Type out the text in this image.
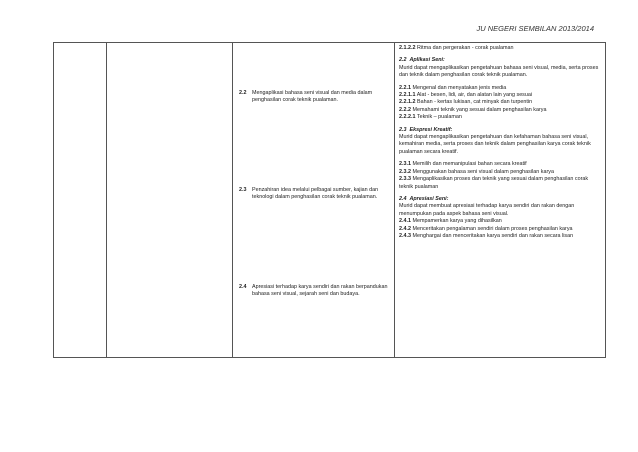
JU NEGERI SEMBILAN 2013/2014

2.2	Mengaplikasi bahasa seni visual dan media dalam penghasilan corak teknik pualaman.
2.3	Penzahiran idea melalui pelbagai sumber, kajian dan teknologi dalam penghasilan corak teknik pualaman.
2.4	Apresiasi terhadap karya sendiri dan rakan berpandukan bahasa seni visual, sejarah seni dan budaya.

2.1.2.2 Ritma dan pergerakan - corak pualaman

2.2 Aplikasi Seni:

Murid dapat mengaplikasikan pengetahuan bahasa seni visual, media, serta proses dan teknik dalam penghasilan corak teknik pualaman.

2.2.1 Mengenal dan menyatakan jenis media

2.2.1.1 Alat - besen, lidi, air, dan alatan lain yang sesuai

2.2.1.2 Bahan - kertas lukisan, cat minyak dan turpentin

2.2.2 Memahami teknik yang sesuai dalam penghasilan karya

2.2.2.1 Teknik – pualaman

2.3 Ekspresi Kreatif:

Murid dapat mengaplikasikan pengetahuan dan kefahaman bahasa seni visual, kemahiran media, serta proses dan teknik dalam penghasilan karya corak teknik pualaman secara kreatif.

2.3.1 Memilih dan memanipulasi bahan secara kreatif

2.3.2 Menggunakan bahasa seni visual dalam penghasilan karya

2.3.3 Mengaplikasikan proses dan teknik yang sesuai dalam penghasilan corak teknik pualaman

2.4 Apresiasi Seni:

Murid dapat membuat apresiasi terhadap karya sendiri dan rakan dengan menumpukan pada aspek bahasa seni visual.

2.4.1 Mempamerkan karya yang dihasilkan

2.4.2 Menceritakan pengalaman sendiri dalam proses penghasilan karya

2.4.3 Menghargai dan menceritakan karya sendiri dan rakan secara lisan
